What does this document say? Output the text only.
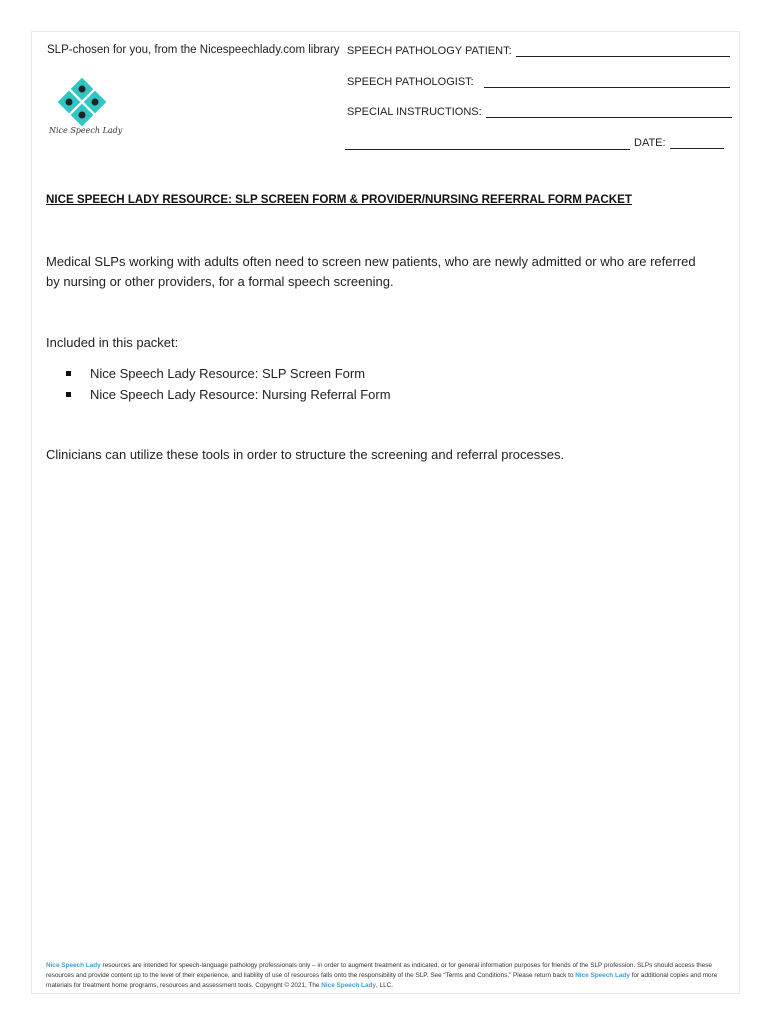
SLP-chosen for you, from the Nicespeechlady.com library
Nice Speech Lady
SPEECH PATHOLOGY PATIENT:
SPEECH PATHOLOGIST:
SPECIAL INSTRUCTIONS:
DATE:
NICE SPEECH LADY RESOURCE: SLP SCREEN FORM & PROVIDER/NURSING REFERRAL FORM PACKET
Medical SLPs working with adults often need to screen new patients, who are newly admitted or who are referred by nursing or other providers, for a formal speech screening.
Included in this packet:
Nice Speech Lady Resource: SLP Screen Form
Nice Speech Lady Resource: Nursing Referral Form
Clinicians can utilize these tools in order to structure the screening and referral processes.
Nice Speech Lady resources are intended for speech-language pathology professionals only – in order to augment treatment as indicated, or for general information purposes for friends of the SLP profession. SLPs should access these resources and provide content up to the level of their experience, and liability of use of resources falls onto the responsibility of the SLP. See “Terms and Conditions.” Please return back to Nice Speech Lady for additional copies and more materials for treatment home programs, resources and assessment tools. Copyright © 2021, The Nice Speech Lady, LLC.
